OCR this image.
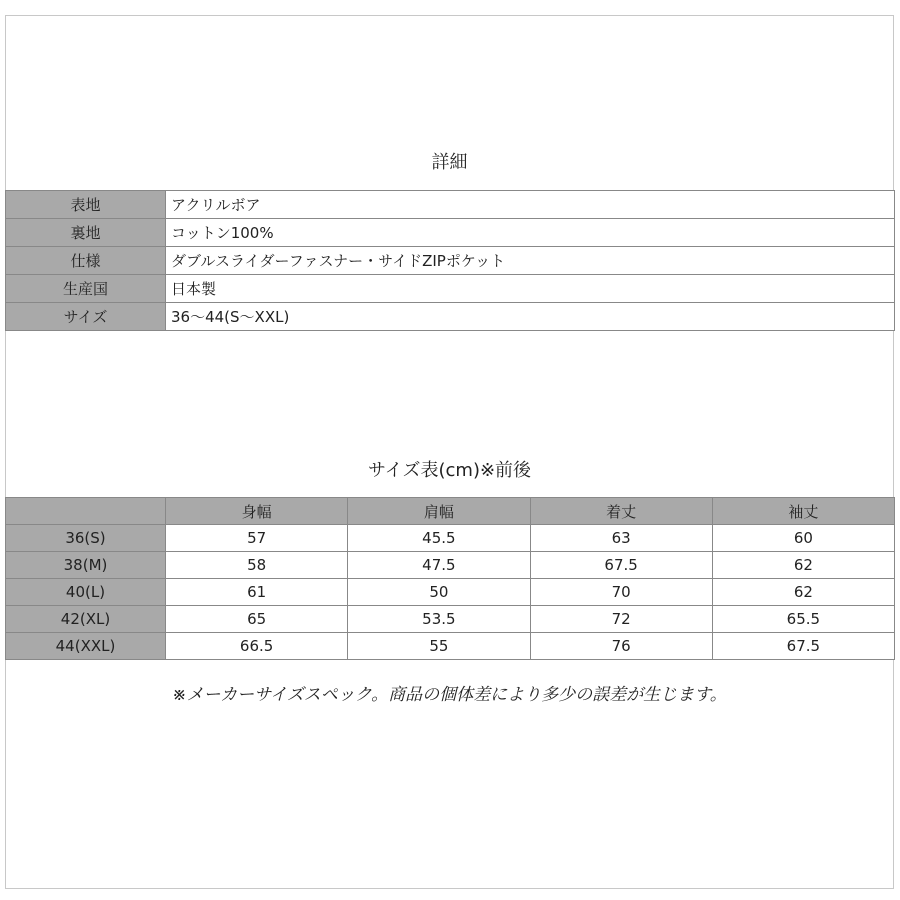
詳細
表地	アクリルボア
裏地	コットン100%
仕様	ダブルスライダーファスナー・サイドZIPポケット
生産国	日本製
サイズ	36〜44(S〜XXL)
サイズ表(cm)※前後
	身幅	肩幅	着丈	袖丈
36(S)	57	45.5	63	60
38(M)	58	47.5	67.5	62
40(L)	61	50	70	62
42(XL)	65	53.5	72	65.5
44(XXL)	66.5	55	76	67.5
※メーカーサイズスペック。商品の個体差により多少の誤差が生じます。
